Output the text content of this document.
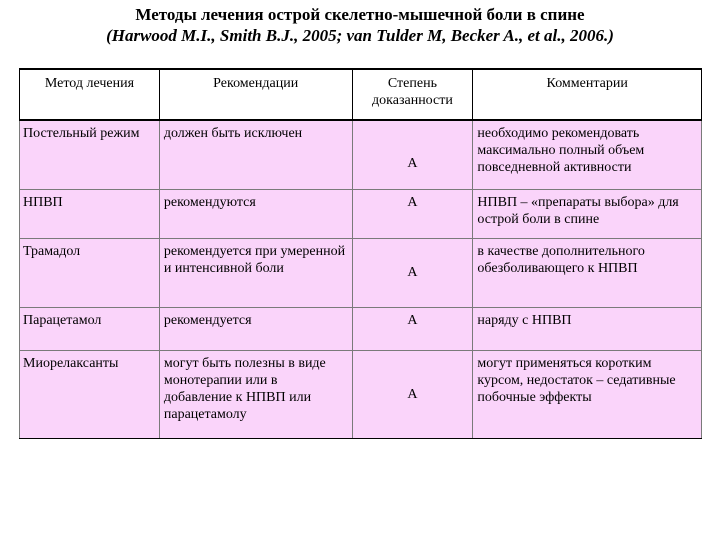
Методы лечения острой скелетно-мышечной боли в спине
(Harwood M.I., Smith B.J., 2005; van Tulder M, Becker A., et al., 2006.)
Метод лечения	Рекомендации	Степень доказанности	Комментарии
Постельный режим	должен быть исключен	A	необходимо рекомендовать максимально полный объем повседневной активности
НПВП	рекомендуются	A	НПВП – «препараты выбора» для острой боли в спине
Трамадол	рекомендуется при умеренной и интенсивной боли	A	в качестве дополнительного обезболивающего к НПВП
Парацетамол	рекомендуется	A	наряду с НПВП
Миорелаксанты	могут быть полезны в виде монотерапии или в добавление к НПВП или парацетамолу	A	могут применяться коротким курсом, недостаток – седативные побочные эффекты
